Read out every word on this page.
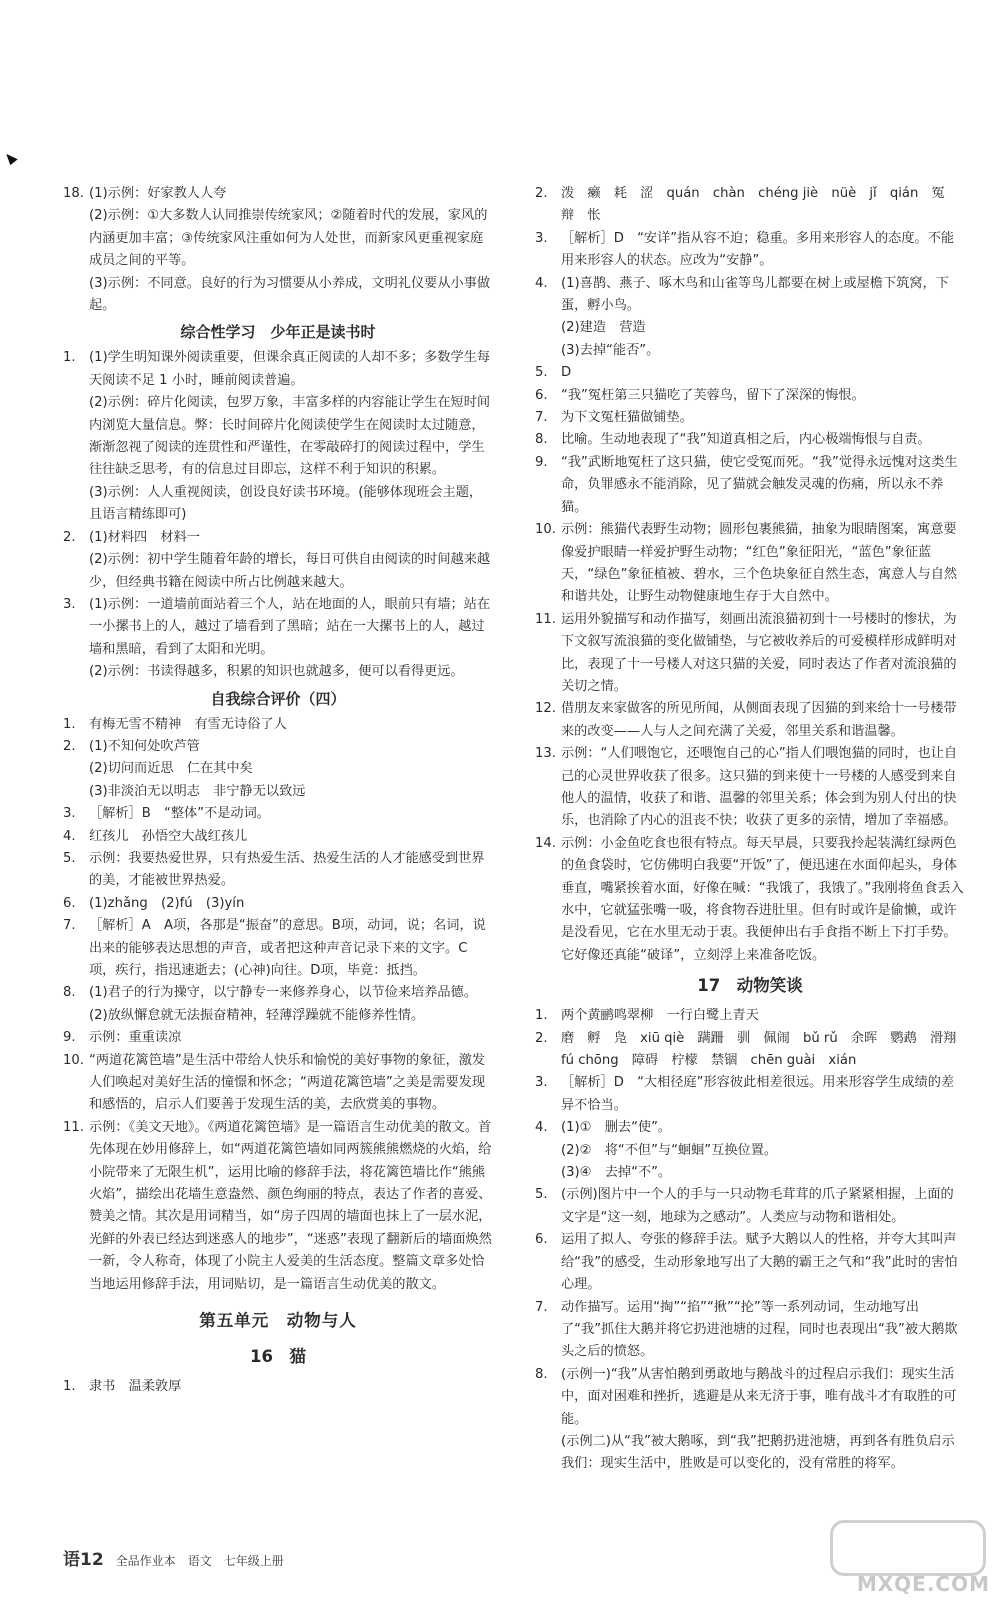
18. (1)示例：好家教人人夸
(2)示例：①大多数人认同推崇传统家风；②随着时代的发展，家风的内涵更加丰富；③传统家风注重如何为人处世，而新家风更重视家庭成员之间的平等。
(3)示例：不同意。良好的行为习惯要从小养成，文明礼仪要从小事做起。
综合性学习　少年正是读书时
1. (1)学生明知课外阅读重要，但课余真正阅读的人却不多；多数学生每天阅读不足 1 小时，睡前阅读普遍。
(2)示例：碎片化阅读，包罗万象，丰富多样的内容能让学生在短时间内浏览大量信息。弊：长时间碎片化阅读使学生在阅读时太过随意，渐渐忽视了阅读的连贯性和严谨性，在零敲碎打的阅读过程中，学生往往缺乏思考，有的信息过目即忘，这样不利于知识的积累。
(3)示例：人人重视阅读，创设良好读书环境。(能够体现班会主题，且语言精练即可)
2. (1)材料四　材料一
(2)示例：初中学生随着年龄的增长，每日可供自由阅读的时间越来越少，但经典书籍在阅读中所占比例越来越大。
3. (1)示例：一道墙前面站着三个人，站在地面的人，眼前只有墙；站在一小摞书上的人，越过了墙看到了黑暗；站在一大摞书上的人，越过墙和黑暗，看到了太阳和光明。
(2)示例：书读得越多，积累的知识也就越多，便可以看得更远。
自我综合评价（四）
1. 有梅无雪不精神　有雪无诗俗了人
2. (1)不知何处吹芦管
(2)切问而近思　仁在其中矣
(3)非淡泊无以明志　非宁静无以致远
3. ［解析］B　“整体”不是动词。
4. 红孩儿　孙悟空大战红孩儿
5. 示例：我要热爱世界，只有热爱生活、热爱生活的人才能感受到世界的美，才能被世界热爱。
6. (1)zhǎng　(2)fú　(3)yín
7. ［解析］A　A项，各那是“振奋”的意思。B项，动词，说；名词，说出来的能够表达思想的声音，或者把这种声音记录下来的文字。C项，疾行，指迅速逝去；(心神)向往。D项，毕竟：抵挡。
8. (1)君子的行为操守，以宁静专一来修养身心，以节俭来培养品德。
(2)放纵懈怠就无法振奋精神，轻薄浮躁就不能修养性情。
9. 示例：重重读凉
10. “两道花篱笆墙”是生活中带给人快乐和愉悦的美好事物的象征，激发人们唤起对美好生活的憧憬和怀念；“两道花篱笆墙”之美是需要发现和感悟的，启示人们要善于发现生活的美，去欣赏美的事物。
11. 示例：《美文天地》。《两道花篱笆墙》是一篇语言生动优美的散文。首先体现在妙用修辞上，如“两道花篱笆墙如同两簇熊熊燃烧的火焰，给小院带来了无限生机”，运用比喻的修辞手法，将花篱笆墙比作“熊熊火焰”，描绘出花墙生意盎然、颜色绚丽的特点，表达了作者的喜爱、赞美之情。其次是用词精当，如“房子四周的墙面也抹上了一层水泥，光鲜的外表已经达到迷惑人的地步”，“迷惑”表现了翻新后的墙面焕然一新，令人称奇，体现了小院主人爱美的生活态度。整篇文章多处恰当地运用修辞手法，用词贴切，是一篇语言生动优美的散文。
第五单元　动物与人
16　猫
1. 隶书　温柔敦厚
2. 泼　癞　耗　涩　quán　chàn　chéng jiè　nüè　jǐ　qián　冤　辩　怅
3. ［解析］D　“安详”指从容不迫；稳重。多用来形容人的态度。不能用来形容人的状态。应改为“安静”。
4. (1)喜鹊、燕子、啄木鸟和山雀等鸟儿都要在树上或屋檐下筑窝，下蛋，孵小鸟。
(2)建造　营造
(3)去掉“能否”。
5. D
6. “我”冤枉第三只猫吃了芙蓉鸟，留下了深深的悔恨。
7. 为下文冤枉猫做铺垫。
8. 比喻。生动地表现了“我”知道真相之后，内心极端悔恨与自责。
9. “我”武断地冤枉了这只猫，使它受冤而死。“我”觉得永远愧对这类生命，负罪感永不能消除，见了猫就会触发灵魂的伤痛，所以永不养猫。
10. 示例：熊猫代表野生动物；圆形包裹熊猫，抽象为眼睛图案，寓意要像爱护眼睛一样爱护野生动物；“红色”象征阳光，“蓝色”象征蓝天，“绿色”象征植被、碧水，三个色块象征自然生态，寓意人与自然和谐共处，让野生动物健康地生存于大自然中。
11. 运用外貌描写和动作描写，刻画出流浪猫初到十一号楼时的惨状，为下文叙写流浪猫的变化做铺垫，与它被收养后的可爱模样形成鲜明对比，表现了十一号楼人对这只猫的关爱，同时表达了作者对流浪猫的关切之情。
12. 借朋友来家做客的所见所闻，从侧面表现了因猫的到来给十一号楼带来的改变——人与人之间充满了关爱，邻里关系和谐温馨。
13. 示例：“人们喂饱它，还喂饱自己的心”指人们喂饱猫的同时，也让自己的心灵世界收获了很多。这只猫的到来使十一号楼的人感受到来自他人的温情，收获了和谐、温馨的邻里关系；体会到为别人付出的快乐，也消除了内心的沮丧不快；收获了更多的亲情，增加了幸福感。
14. 示例：小金鱼吃食也很有特点。每天早晨，只要我拎起装满红绿两色的鱼食袋时，它仿佛明白我要“开饭”了，便迅速在水面仰起头，身体垂直，嘴紧挨着水面，好像在喊：“我饿了，我饿了。”我刚将鱼食丢入水中，它就猛张嘴一吸，将食物吞进肚里。但有时或许是偷懒，或许是没看见，它在水里无动于衷。我便伸出右手食指不断上下打手势。它好像还真能“破译”，立刻浮上来准备吃饭。
17　动物笑谈
1. 两个黄鹂鸣翠柳　一行白鹭上青天
2. 磨　孵　凫　xiū qiè　蹒跚　驯　佩闹　bǔ rǔ　余晖　鹦鹉　滑翔　fú chōng　障碍　柠檬　禁锢　chēn guài　xián
3. ［解析］D　“大相径庭”形容彼此相差很远。用来形容学生成绩的差异不恰当。
4. (1)①　删去“使”。
(2)②　将“不但”与“蛔蛔”互换位置。
(3)④　去掉“不”。
5. (示例)图片中一个人的手与一只动物毛茸茸的爪子紧紧相握，上面的文字是“这一刻，地球为之感动”。人类应与动物和谐相处。
6. 运用了拟人、夸张的修辞手法。赋予大鹅以人的性格，并夸大其叫声给“我”的感受，生动形象地写出了大鹅的霸王之气和“我”此时的害怕心理。
7. 动作描写。运用“掏”“掐”“揪”“抡”等一系列动词，生动地写出了“我”抓住大鹅并将它扔进池塘的过程，同时也表现出“我”被大鹅欺头之后的愤怒。
8. (示例一)“我”从害怕鹅到勇敢地与鹅战斗的过程启示我们：现实生活中，面对困难和挫折，逃避是从来无济于事，唯有战斗才有取胜的可能。
(示例二)从“我”被大鹅啄，到“我”把鹅扔进池塘，再到各有胜负启示我们：现实生活中，胜败是可以变化的，没有常胜的将军。
语12 全品作业本 语文 七年级上册
MXQE.COM
